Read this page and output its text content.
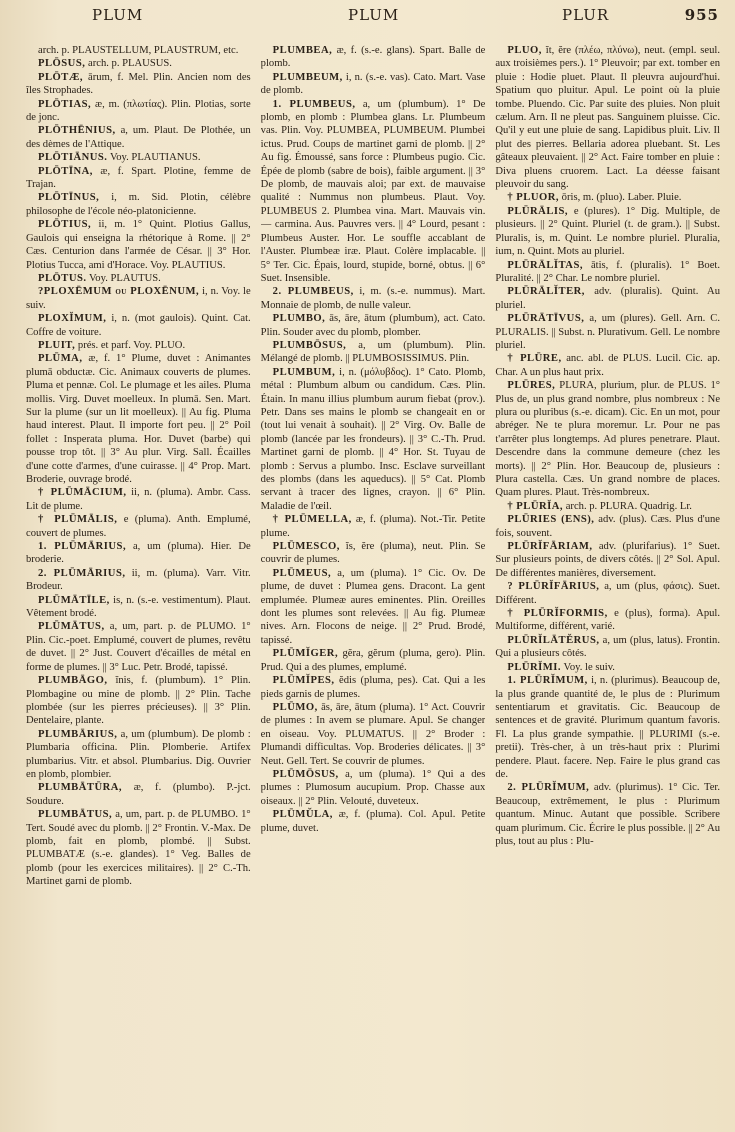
PLUM	PLUM	PLUR	955

arch. p. PLAUSTELLUM, PLAUSTRUM, etc.

PLŌSUS, arch. p. PLAUSUS.

PLŌTÆ, ārum, f. Mel. Plin. Ancien nom des îles Strophades.

PLŌTIAS, æ, m. (πλωτίας). Plin. Plotias, sorte de jonc.

PLŌTHĒNIUS, a, um. Plaut. De Plothée, un des dèmes de l'Attique.

PLŌTIĀNUS. Voy. PLAUTIANUS.

PLŌTĪNA, æ, f. Spart. Plotine, femme de Trajan.

PLŌTĪNUS, i, m. Sid. Plotin, célèbre philosophe de l'école néo-platonicienne.

PLŌTIUS, ii, m. 1° Quint. Plotius Gallus, Gaulois qui enseigna la rhétorique à Rome. || 2° Cæs. Centurion dans l'armée de César. || 3° Hor. Plotius Tucca, ami d'Horace. Voy. PLAUTIUS.

PLŌTUS. Voy. PLAUTUS.

?PLOXĒMUM ou PLOXĒNUM, i, n. Voy. le suiv.

PLOXĬMUM, i, n. (mot gaulois). Quint. Cat. Coffre de voiture.

PLUIT, prés. et parf. Voy. PLUO.

PLŪMA, æ, f. 1° Plume, duvet : Animantes plumā obductæ. Cic. Animaux couverts de plumes. Pluma et pennæ. Col. Le plumage et les ailes. Pluma mollis. Virg. Duvet moelleux. In plumā. Sen. Mart. Sur la plume (sur un lit moelleux). || Au fig. Pluma haud interest. Plaut. Il importe fort peu. || 2° Poil follet : Insperata pluma. Hor. Duvet (barbe) qui pousse trop tôt. || 3° Au plur. Virg. Sall. Écailles d'une cotte d'armes, d'une cuirasse. || 4° Prop. Mart. Broderie, ouvrage brodé.

† PLŪMĀCIUM, ii, n. (pluma). Ambr. Cass. Lit de plume.

† PLŪMĀLIS, e (pluma). Anth. Emplumé, couvert de plumes.

1. PLŪMĀRIUS, a, um (pluma). Hier. De broderie.

2. PLŪMĀRIUS, ii, m. (pluma). Varr. Vitr. Brodeur.

PLŪMĀTĪLE, is, n. (s.-e. vestimentum). Plaut. Vêtement brodé.

PLŪMĀTUS, a, um, part. p. de PLUMO. 1° Plin. Cic.-poet. Emplumé, couvert de plumes, revêtu de duvet. || 2° Just. Couvert d'écailles de métal en forme de plumes. || 3° Luc. Petr. Brodé, tapissé.

PLUMBĀGO, ĭnis, f. (plumbum). 1° Plin. Plombagine ou mine de plomb. || 2° Plin. Tache plombée (sur les pierres précieuses). || 3° Plin. Dentelaire, plante.

PLUMBĀRIUS, a, um (plumbum). De plomb : Plumbaria officina. Plin. Plomberie. Artifex plumbarius. Vitr. et absol. Plumbarius. Dig. Ouvrier en plomb, plombier.

PLUMBĀTŪRA, æ, f. (plumbo). P.-jct. Soudure.

PLUMBĀTUS, a, um, part. p. de PLUMBO. 1° Tert. Soudé avec du plomb. || 2° Frontin. V.-Max. De plomb, fait en plomb, plombé. || Subst. PLUMBATÆ (s.-e. glandes). 1° Veg. Balles de plomb (pour les exercices militaires). || 2° C.-Th. Martinet garni de plomb.

PLUMBEA, æ, f. (s.-e. glans). Spart. Balle de plomb.

PLUMBEUM, i, n. (s.-e. vas). Cato. Mart. Vase de plomb.

1. PLUMBEUS, a, um (plumbum). 1° De plomb, en plomb : Plumbea glans. Lr. Plumbeum vas. Plin. Voy. PLUMBEA, PLUMBEUM. Plumbei ictus. Prud. Coups de martinet garni de plomb. || 2° Au fig. Émoussé, sans force : Plumbeus pugio. Cic. Épée de plomb (sabre de bois), faible argument. || 3° De plomb, de mauvais aloi; par ext. de mauvaise qualité : Nummus non plumbeus. Plaut. Voy. PLUMBEUS 2. Plumbea vina. Mart. Mauvais vin. — carmina. Aus. Pauvres vers. || 4° Lourd, pesant : Plumbeus Auster. Hor. Le souffle accablant de l'Auster. Plumbeæ iræ. Plaut. Colère implacable. || 5° Ter. Cic. Épais, lourd, stupide, borné, obtus. || 6° Suet. Insensible.

2. PLUMBEUS, i, m. (s.-e. nummus). Mart. Monnaie de plomb, de nulle valeur.

PLUMBO, ās, āre, ātum (plumbum), act. Cato. Plin. Souder avec du plomb, plomber.

PLUMBŌSUS, a, um (plumbum). Plin. Mélangé de plomb. || PLUMBOSISSIMUS. Plin.

PLUMBUM, i, n. (μόλυβδος). 1° Cato. Plomb, métal : Plumbum album ou candidum. Cæs. Plin. Étain. In manu illius plumbum aurum fiebat (prov.). Petr. Dans ses mains le plomb se changeait en or (tout lui venait à souhait). || 2° Virg. Ov. Balle de plomb (lancée par les frondeurs). || 3° C.-Th. Prud. Martinet garni de plomb. || 4° Hor. St. Tuyau de plomb : Servus a plumbo. Insc. Esclave surveillant des plombs (dans les aqueducs). || 5° Cat. Plomb servant à tracer des lignes, crayon. || 6° Plin. Maladie de l'œil.

† PLŪMELLA, æ, f. (pluma). Not.-Tir. Petite plume.

PLŪMESCO, ĭs, ĕre (pluma), neut. Plin. Se couvrir de plumes.

PLŪMEUS, a, um (pluma). 1° Cic. Ov. De plume, de duvet : Plumea gens. Dracont. La gent emplumée. Plumeæ aures eminentes. Plin. Oreilles dont les plumes sont relevées. || Au fig. Plumeæ nives. Arn. Flocons de neige. || 2° Prud. Brodé, tapissé.

PLŪMĬGER, gĕra, gĕrum (pluma, gero). Plin. Prud. Qui a des plumes, emplumé.

PLŪMĬPES, ĕdis (pluma, pes). Cat. Qui a les pieds garnis de plumes.

PLŪMO, ās, āre, ātum (pluma). 1° Act. Couvrir de plumes : In avem se plumare. Apul. Se changer en oiseau. Voy. PLUMATUS. || 2° Broder : Plumandi difficultas. Vop. Broderies délicates. || 3° Neut. Gell. Tert. Se couvrir de plumes.

PLŪMŌSUS, a, um (pluma). 1° Qui a des plumes : Plumosum aucupium. Prop. Chasse aux oiseaux. || 2° Plin. Velouté, duveteux.

PLŪMŬLA, æ, f. (pluma). Col. Apul. Petite plume, duvet.

PLUO, ĭt, ĕre (πλέω, πλύνω), neut. (empl. seul. aux troisièmes pers.). 1° Pleuvoir; par ext. tomber en pluie : Hodie pluet. Plaut. Il pleuvra aujourd'hui. Spatium quo pluitur. Apul. Le point où la pluie tombe. Pluendo. Cic. Par suite des pluies. Non pluit cælum. Arn. Il ne pleut pas. Sanguinem pluisse. Cic. Qu'il y eut une pluie de sang. Lapidibus pluit. Liv. Il plut des pierres. Bellaria adorea pluebant. St. Les gâteaux pleuvaient. || 2° Act. Faire tomber en pluie : Diva pluens cruorem. Lact. La déesse faisant pleuvoir du sang.

† PLUOR, ōris, m. (pluo). Laber. Pluie.

PLŪRĀLIS, e (plures). 1° Dig. Multiple, de plusieurs. || 2° Quint. Pluriel (t. de gram.). || Subst. Pluralis, is, m. Quint. Le nombre pluriel. Pluralia, ium, n. Quint. Mots au pluriel.

PLŪRĀLĬTAS, ātis, f. (pluralis). 1° Boet. Pluralité. || 2° Char. Le nombre pluriel.

PLŪRĀLĬTER, adv. (pluralis). Quint. Au pluriel.

PLŪRĀTĪVUS, a, um (plures). Gell. Arn. C. PLURALIS. || Subst. n. Plurativum. Gell. Le nombre pluriel.

† PLŪRE, anc. abl. de PLUS. Lucil. Cic. ap. Char. A un plus haut prix.

PLŪRES, PLURA, plurium, plur. de PLUS. 1° Plus de, un plus grand nombre, plus nombreux : Ne plura ou pluribus (s.-e. dicam). Cic. En un mot, pour abréger. Ne te plura moremur. Lr. Pour ne pas t'arrêter plus longtemps. Ad plures penetrare. Plaut. Descendre dans la commune demeure (chez les morts). || 2° Plin. Hor. Beaucoup de, plusieurs : Plura castella. Cæs. Un grand nombre de places. Quam plures. Plaut. Très-nombreux.

† PLŪRĬA, arch. p. PLURA. Quadrig. Lr.

PLŪRIES (ENS), adv. (plus). Cæs. Plus d'une fois, souvent.

PLŪRĬFĀRIAM, adv. (plurifarius). 1° Suet. Sur plusieurs points, de divers côtés. || 2° Sol. Apul. De différentes manières, diversement.

? PLŪRĬFĀRIUS, a, um (plus, φάσις). Suet. Différent.

† PLŪRĬFORMIS, e (plus), forma). Apul. Multiforme, différent, varié.

PLŪRĬLĀTĔRUS, a, um (plus, latus). Frontin. Qui a plusieurs côtés.

PLŪRĬMI. Voy. le suiv.

1. PLŪRĬMUM, i, n. (plurimus). Beaucoup de, la plus grande quantité de, le plus de : Plurimum sententiarum et gravitatis. Cic. Beaucoup de sentences et de gravité. Plurimum quantum favoris. Fl. La plus grande sympathie. || PLURIMI (s.-e. pretii). Très-cher, à un très-haut prix : Plurimi pendere. Plaut. facere. Nep. Faire le plus grand cas de.

2. PLŪRĬMUM, adv. (plurimus). 1° Cic. Ter. Beaucoup, extrêmement, le plus : Plurimum quantum. Minuc. Autant que possible. Scribere quam plurimum. Cic. Écrire le plus possible. || 2° Au plus, tout au plus : Plu-
